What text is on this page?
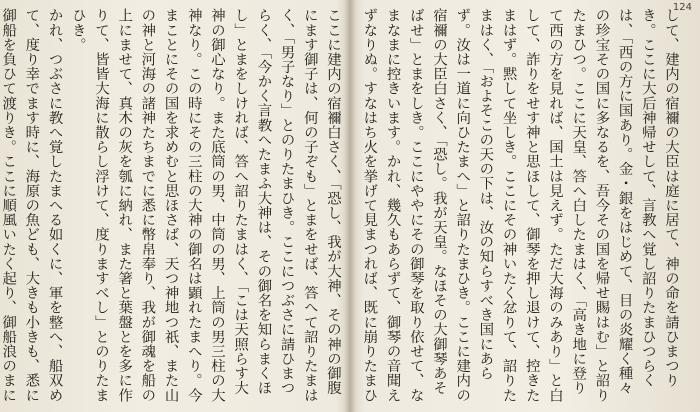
ここに建内の宿禰白さく、「恐し、我が大神、その神の御腹にます御子は、何の子ぞも」とまをせば、答へて詔りたまはく、「男子なり」とのりたまひき。ここにつぶさに請ひまつらく、「今かく言教へたまふ大神は、その御名を知らまくほし」とまをしければ、答へ詔りたまはく、「こは天照らす大神の御心なり。また底筒の男、中筒の男、上筒の男三柱の大神なり。この時にその三柱の大神の御名は顕れたまへり。今まことにその国を求めむと思ほさば、天つ神地つ祇、また山の神と河海の諸神たちまでに悉に幣帛奉り、我が御魂を船の上にませて、真木の灰を瓠に納れ、また箸と葉盤とを多に作りて、皆皆大海に散らし浮けて、度りますべし」とのりたまひき。
かれ、つぶさに教へ覚したまへる如くに、軍を整へ、船双めて、度り幸でます時に、海原の魚ども、大きも小きも、悉に御船を負ひて渡りき。ここに順風いたく起り、御船浪のまに
124
して、建内の宿禰の大臣は庭に居て、神の命を請ひまつりき。ここに大后神帰せして、言教へ覚し詔りたまひつらくは、「西の方に国あり。金・銀をはじめて、目の炎耀く種々の珍宝その国に多なるを、吾今その国を帰せ賜はむ」と詔りたまひつ。ここに天皇、答へ白したまはく、「高き地に登りて西の方を見れば、国土は見えず。ただ大海のみあり」と白して、詐りをせす神と思ほして、御琴を押し退けて、控きたまはず。黙して坐しき。ここにその神いたく忿りて、詔りたまはく、「およそこの天の下は、汝の知らすべき国にあらず。汝は一道に向ひたまへ」と詔りたまひき。ここに建内の宿禰の大臣白さく、「恐し。我が天皇。なほその大御琴あそばせ」とまをしき。ここにややにその御琴を取り依せて、なまなまに控きいます。かれ、幾久もあらずて、御琴の音聞えずなりぬ。すなはち火を挙げて見まつれば、既に崩りたまひ
